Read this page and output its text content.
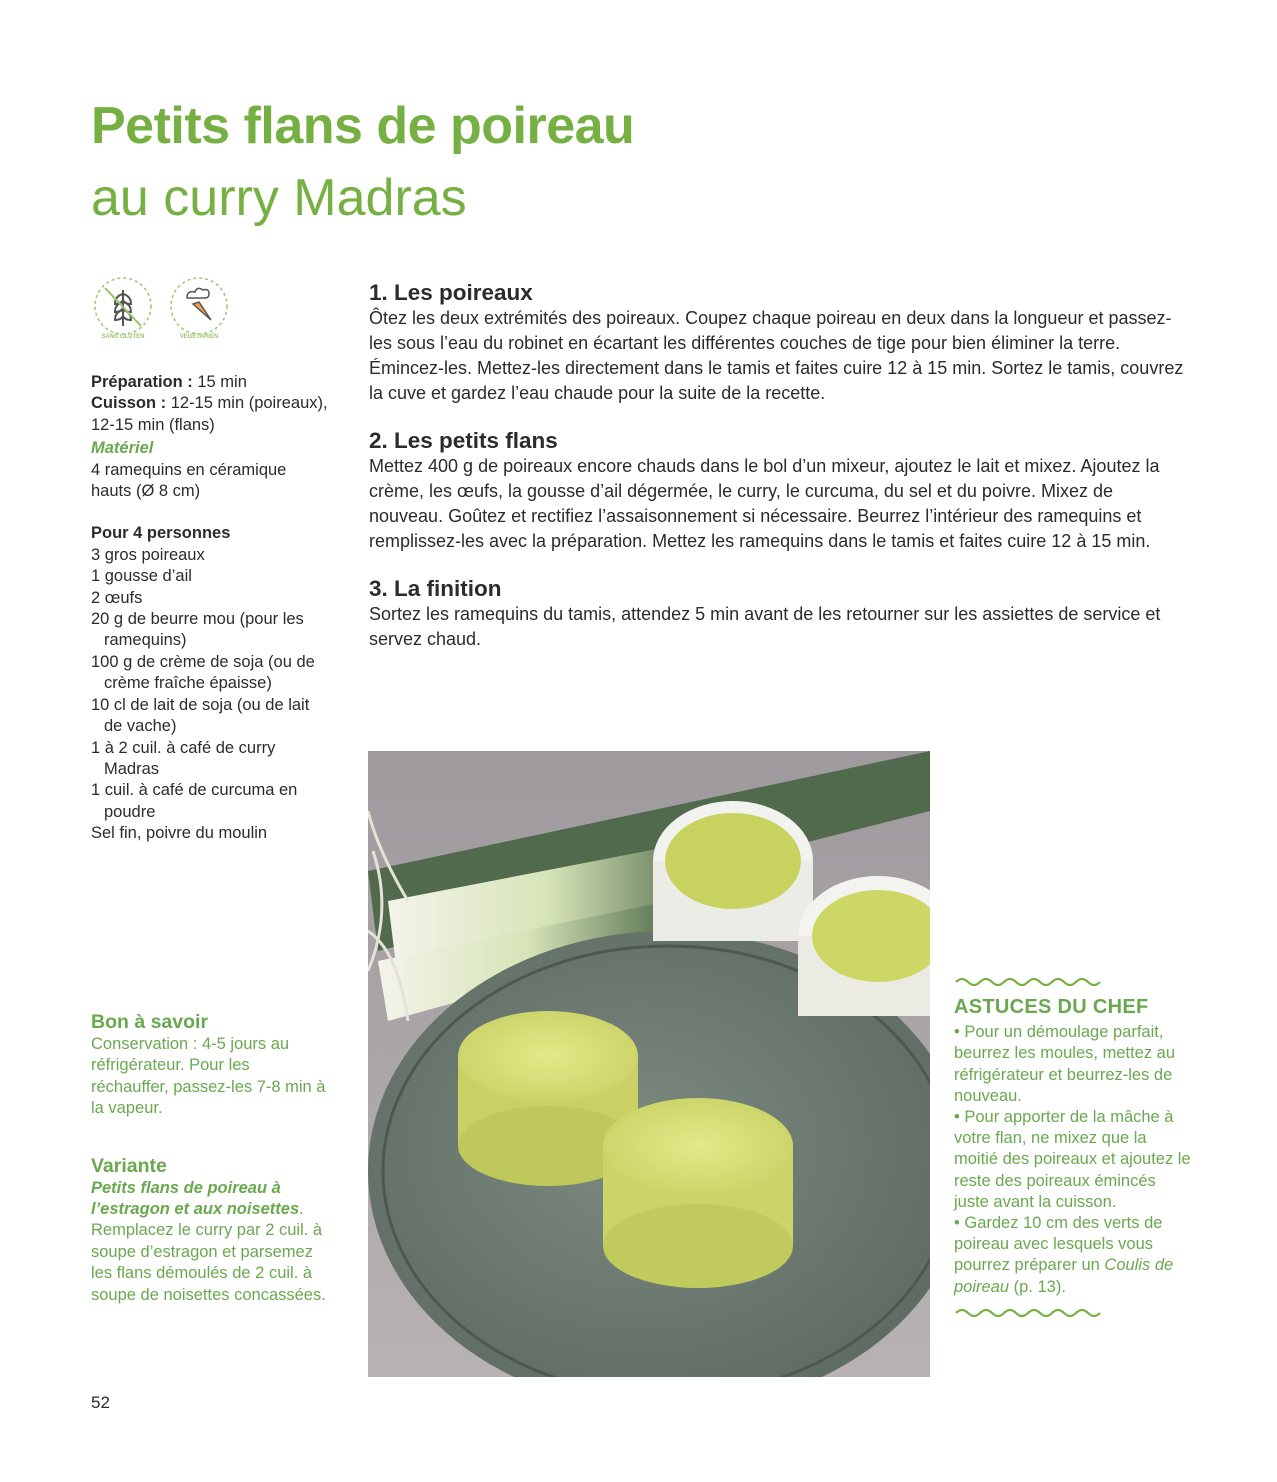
Petits flans de poireau
au curry Madras
SANS GLUTEN	VÉGÉTARIEN

Préparation : 15 min

Cuisson : 12-15 min (poireaux), 12-15 min (flans)

Matériel

4 ramequins en céramique hauts (Ø 8 cm)

Pour 4 personnes

3 gros poireaux
1 gousse d’ail
2 œufs
20 g de beurre mou (pour les ramequins)
100 g de crème de soja (ou de crème fraîche épaisse)
10 cl de lait de soja (ou de lait de vache)
1 à 2 cuil. à café de curry Madras
1 cuil. à café de curcuma en poudre
Sel fin, poivre du moulin
1. Les poireaux

Ôtez les deux extrémités des poireaux. Coupez chaque poireau en deux dans la longueur et passez-les sous l’eau du robinet en écartant les différentes couches de tige pour bien éliminer la terre. Émincez-les. Mettez-les directement dans le tamis et faites cuire 12 à 15 min. Sortez le tamis, couvrez la cuve et gardez l’eau chaude pour la suite de la recette.

2. Les petits flans

Mettez 400 g de poireaux encore chauds dans le bol d’un mixeur, ajoutez le lait et mixez. Ajoutez la crème, les œufs, la gousse d’ail dégermée, le curry, le curcuma, du sel et du poivre. Mixez de nouveau. Goûtez et rectifiez l’assaisonnement si nécessaire. Beurrez l’intérieur des ramequins et remplissez-les avec la préparation. Mettez les ramequins dans le tamis et faites cuire 12 à 15 min.

3. La finition

Sortez les ramequins du tamis, attendez 5 min avant de les retourner sur les assiettes de service et servez chaud.

Bon à savoir

Conservation : 4-5 jours au réfrigérateur. Pour les réchauffer, passez-les 7-8 min à la vapeur.

Variante

Petits flans de poireau à l’estragon et aux noisettes. Remplacez le curry par 2 cuil. à soupe d’estragon et parsemez les flans démoulés de 2 cuil. à soupe de noisettes concassées.

ASTUCES DU CHEF
• Pour un démoulage parfait, beurrez les moules, mettez au réfrigérateur et beurrez-les de nouveau.
• Pour apporter de la mâche à votre flan, ne mixez que la moitié des poireaux et ajoutez le reste des poireaux émincés juste avant la cuisson.
• Gardez 10 cm des verts de poireau avec lesquels vous pourrez préparer un Coulis de poireau (p. 13).
52
